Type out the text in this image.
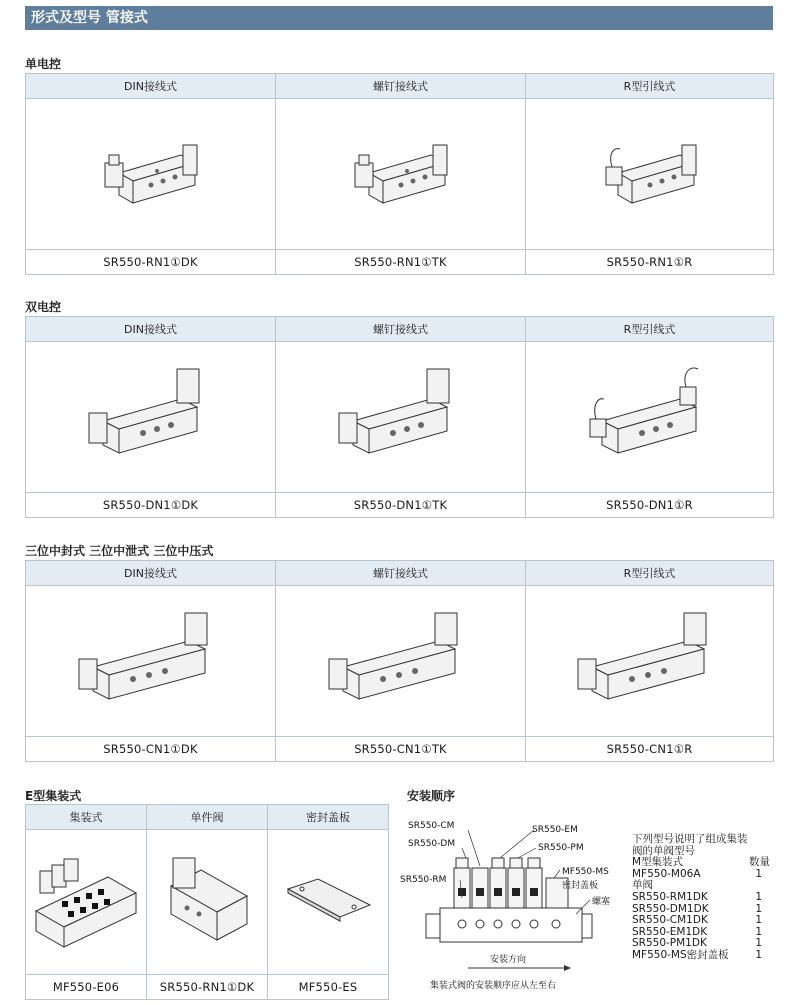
形式及型号 管接式
单电控
DIN接线式	螺钉接线式	R型引线式

SR550-RN1①DK	SR550-RN1①TK	SR550-RN1①R
双电控
DIN接线式	螺钉接线式	R型引线式

SR550-DN1①DK	SR550-DN1①TK	SR550-DN1①R
三位中封式 三位中泄式 三位中压式
DIN接线式	螺钉接线式	R型引线式

SR550-CN1①DK	SR550-CN1①TK	SR550-CN1①R
E型集装式
集装式	单件阀	密封盖板

MF550-E06	SR550-RN1①DK	MF550-ES
安装顺序
SR550-CM	SR550-EM
SR550-DM	SR550-PM
SR550-RM
MF550-MS
密封盖板
螺塞
安装方向
集装式阀的安装顺序应从左至右
下列型号说明了组成集装
阀的单阀型号
M型集装式	数量
MF550-M06A	1
单阀
SR550-RM1DK	1
SR550-DM1DK	1
SR550-CM1DK	1
SR550-EM1DK	1
SR550-PM1DK	1
MF550-MS密封盖板	1
